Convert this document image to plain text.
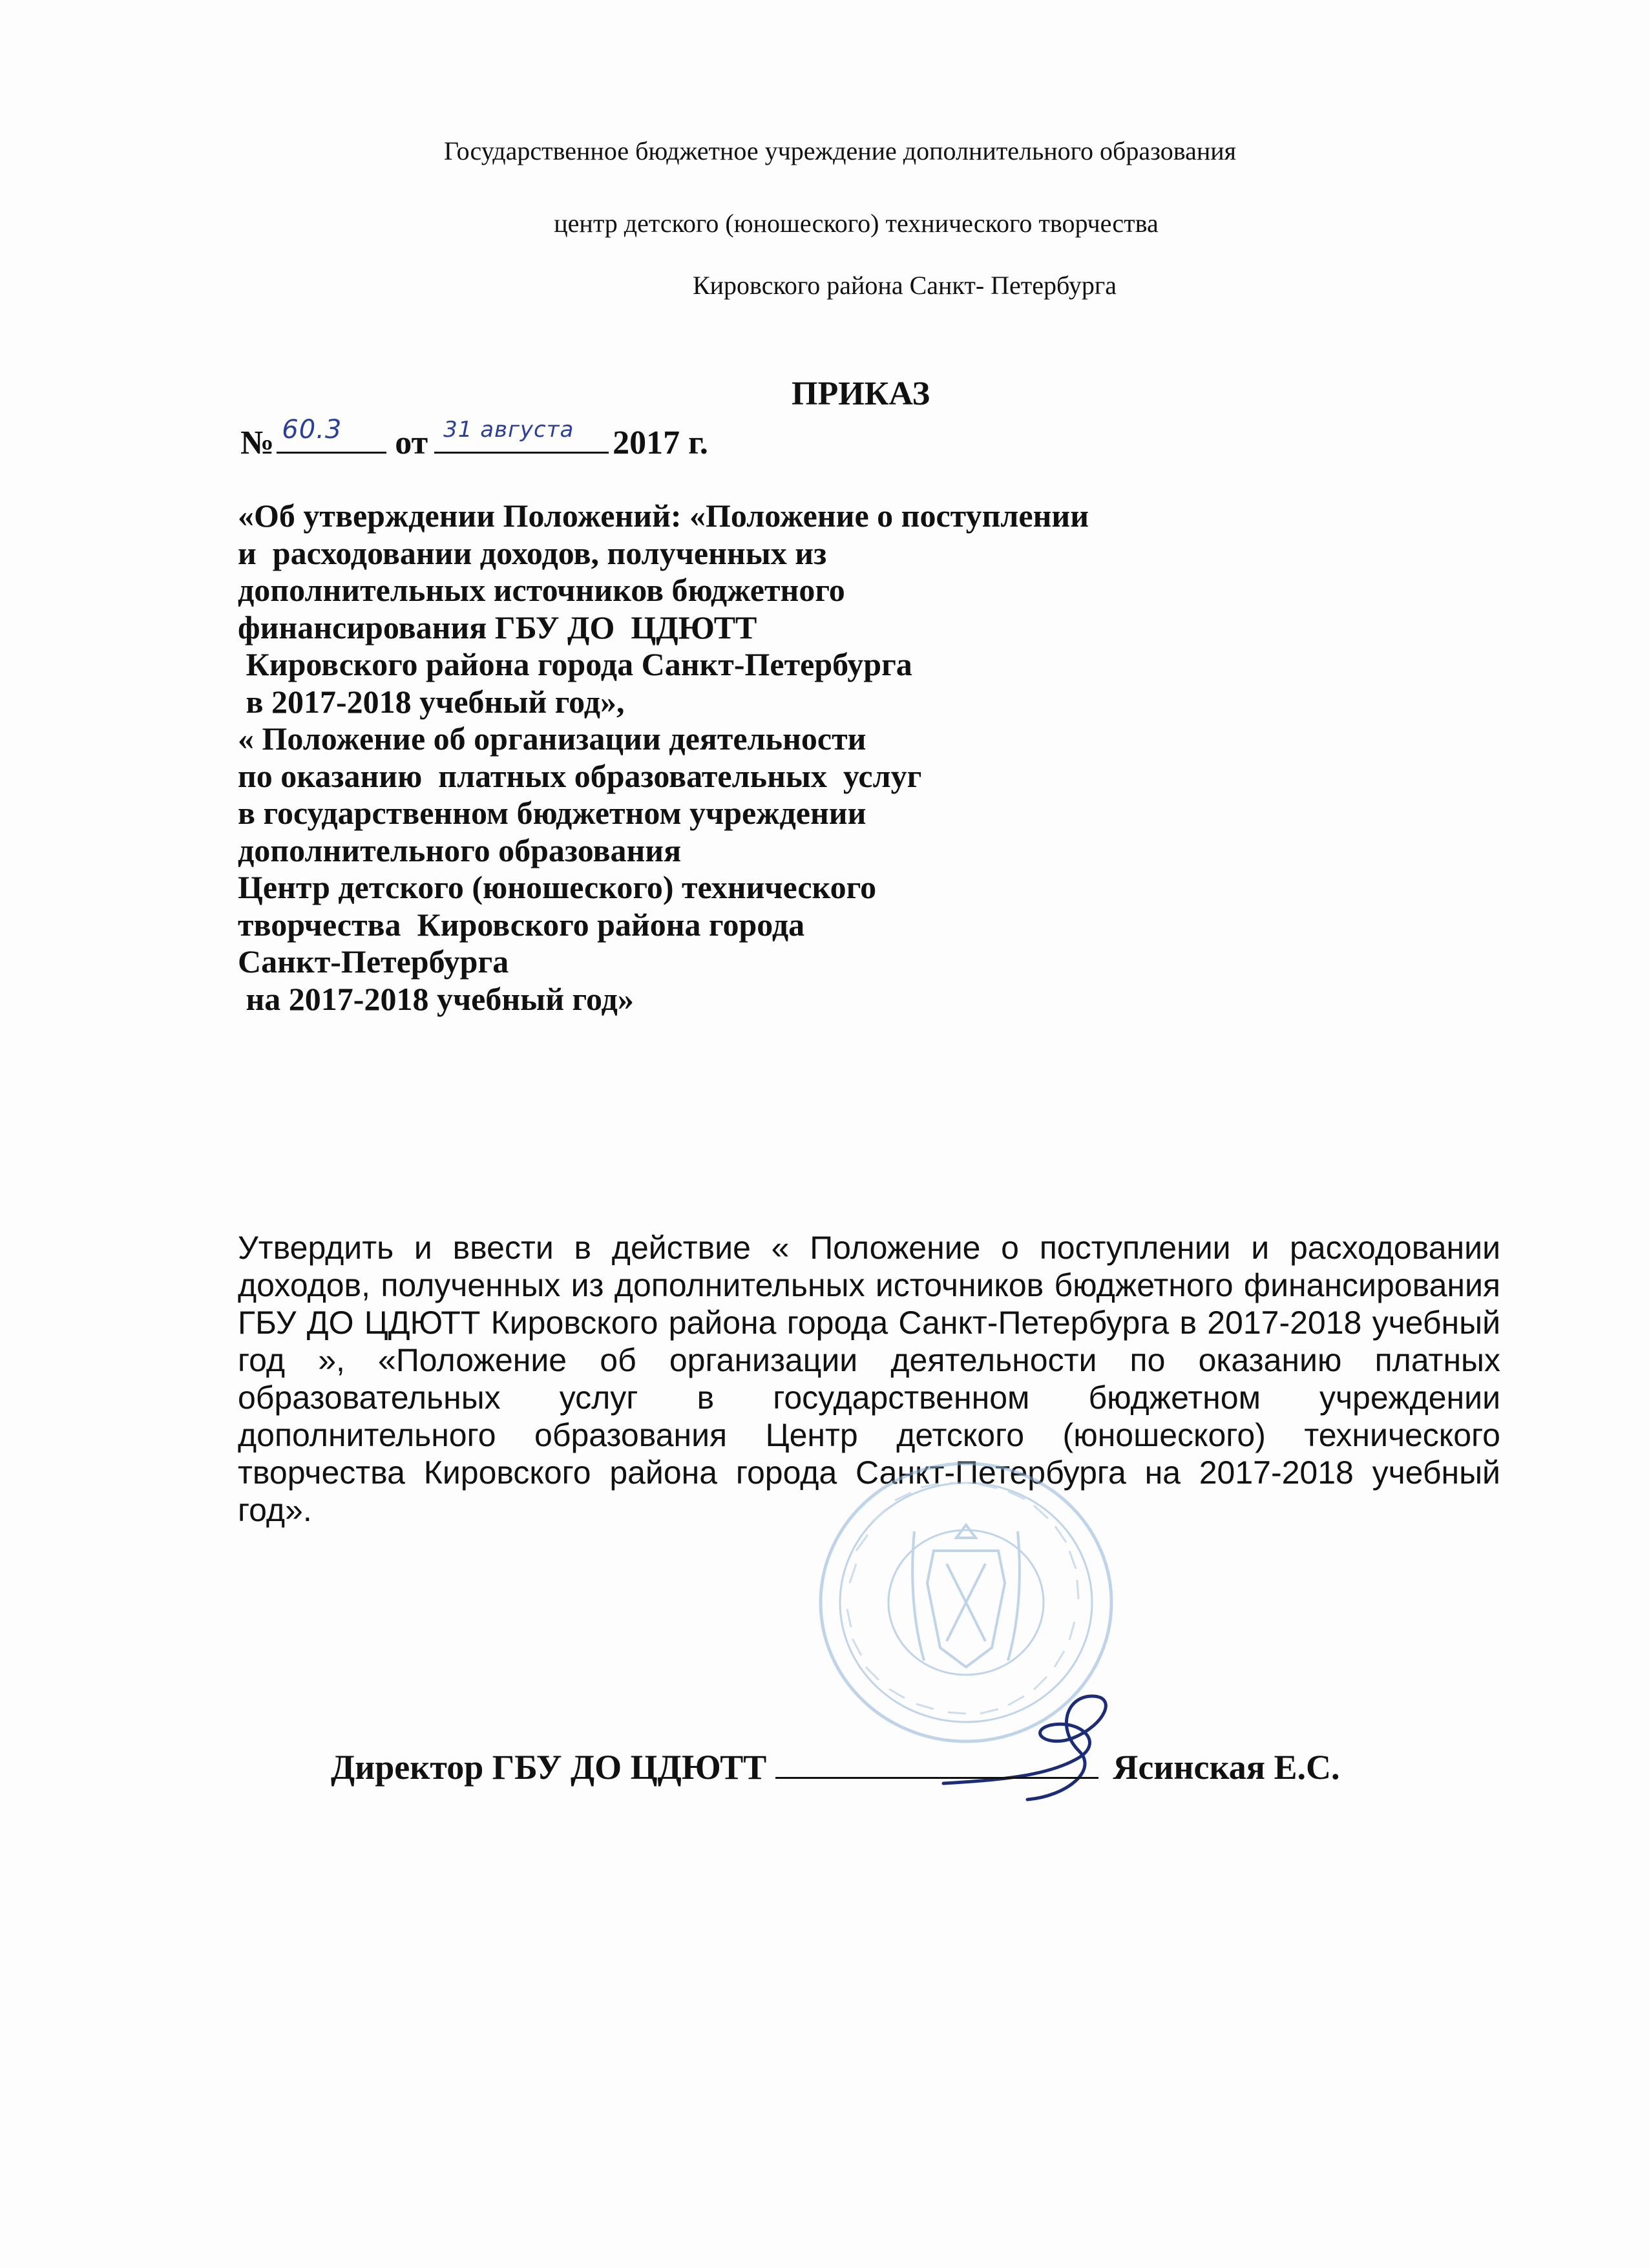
Государственное бюджетное учреждение дополнительного образования
центр детского (юношеского) технического творчества
Кировского района Санкт- Петербурга
ПРИКАЗ
№ 60.3 от 31 августа 2017 г.
«Об утверждении Положений: «Положение о поступлении
и  расходовании доходов, полученных из
дополнительных источников бюджетного
финансирования ГБУ ДО  ЦДЮТТ
Кировского района города Санкт-Петербурга
в 2017-2018 учебный год»,
« Положение об организации деятельности
по оказанию  платных образовательных  услуг
в государственном бюджетном учреждении
дополнительного образования
Центр детского (юношеского) технического
творчества  Кировского района города
Санкт-Петербурга
на 2017-2018 учебный год»
Утвердить и ввести в действие « Положение о поступлении и расходовании доходов, полученных из дополнительных источников бюджетного финансирования ГБУ ДО ЦДЮТТ Кировского района города Санкт-Петербурга в 2017-2018 учебный год », «Положение об организации деятельности по оказанию платных образовательных услуг в государственном бюджетном учреждении дополнительного образования Центр детского (юношеского) технического творчества Кировского района города Санкт-Петербурга на 2017-2018 учебный год».
Директор ГБУ ДО ЦДЮТТ	Ясинская Е.С.
